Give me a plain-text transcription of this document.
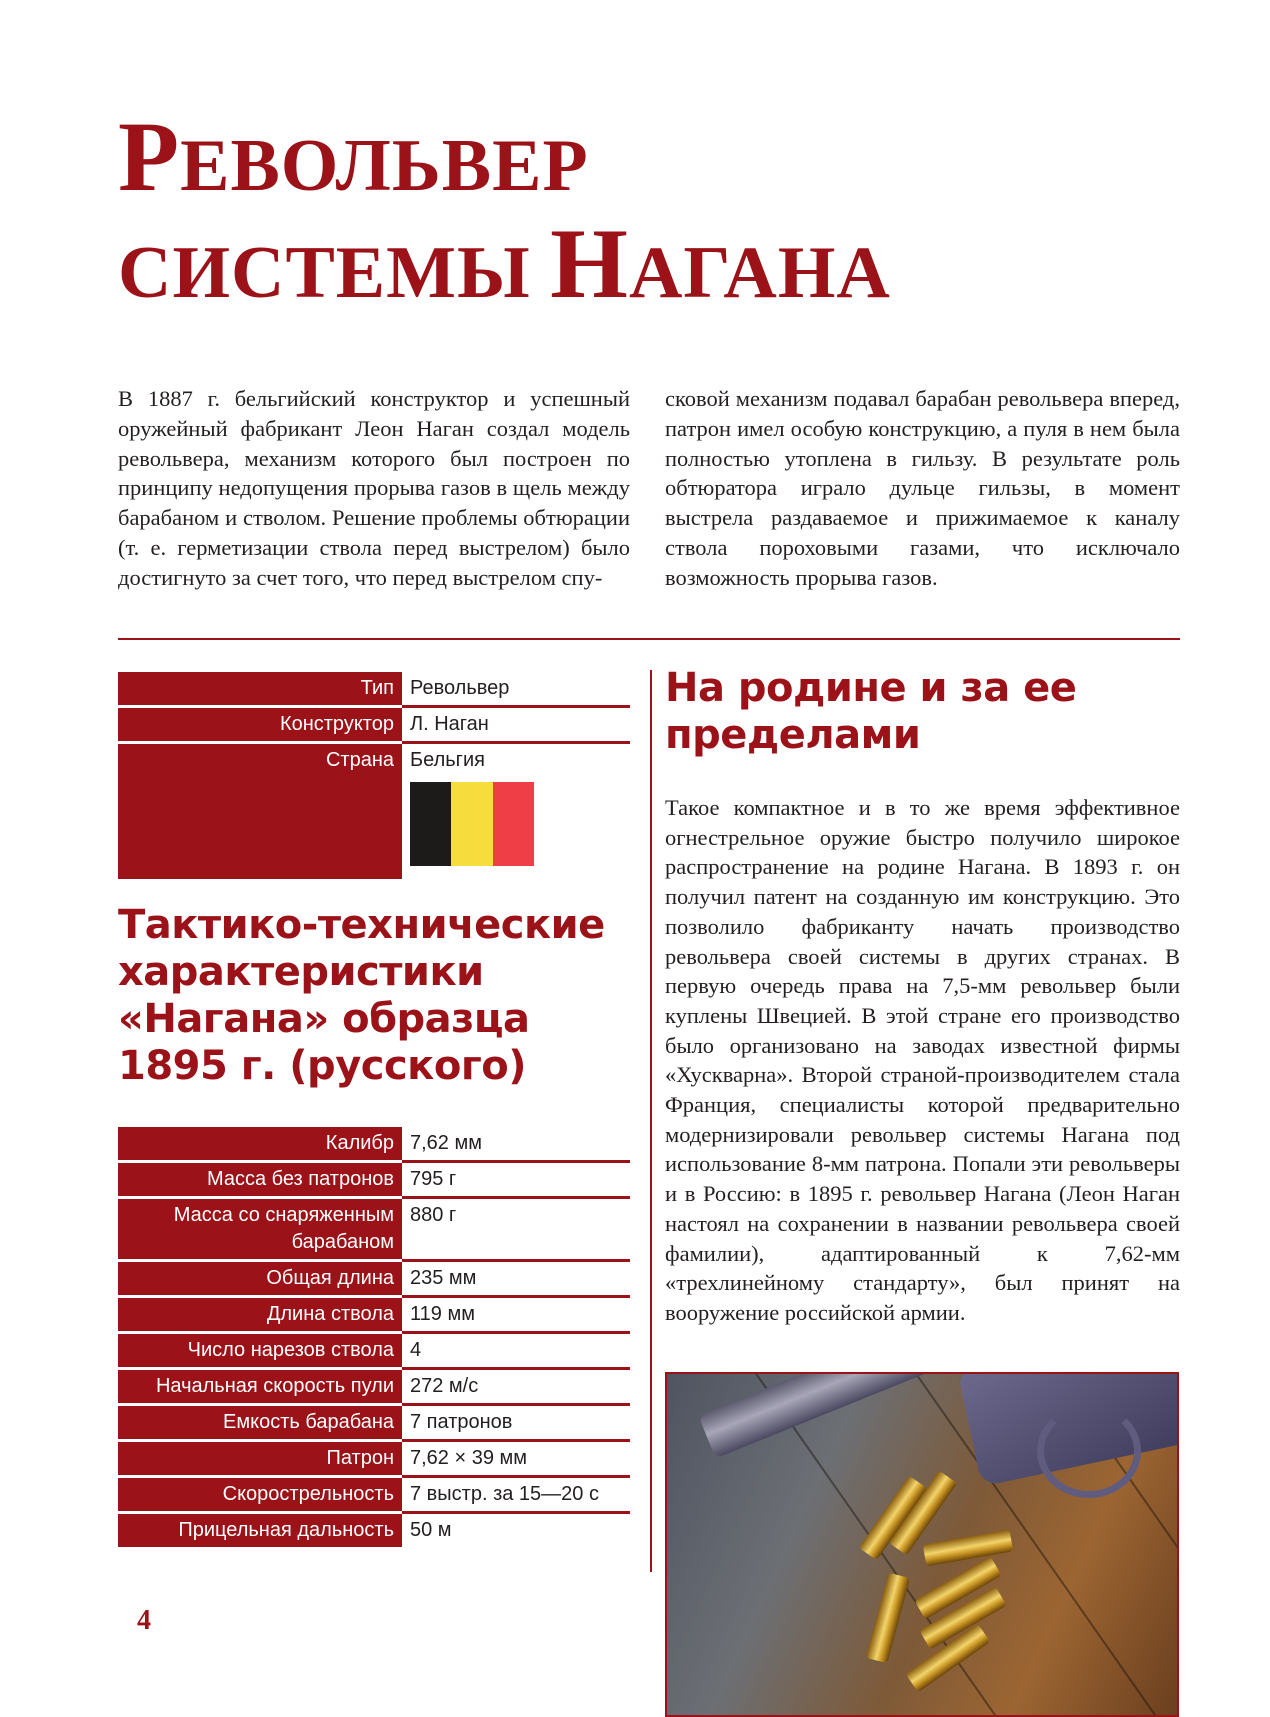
РЕВОЛЬВЕР
СИСТЕМЫ НАГАНА

В 1887 г. бельгийский конструктор и успешный оружейный фабрикант Леон Наган создал модель револьвера, механизм которого был построен по принципу недопущения прорыва газов в щель между барабаном и стволом. Решение проблемы обтюрации (т. е. герметизации ствола перед выстрелом) было достигнуто за счет того, что перед выстрелом спу-

сковой механизм подавал барабан револьвера вперед, патрон имел особую конструкцию, а пуля в нем была полностью утоплена в гильзу. В результате роль обтюратора играло дульце гильзы, в момент выстрела раздаваемое и прижимаемое к каналу ствола пороховыми газами, что исключало возможность прорыва газов.

Тип	Револьвер
Конструктор	Л. Наган
Страна	Бельгия
Тактико-технические характеристики «Нагана» образца 1895 г. (русского)
Калибр	7,62 мм
Масса без патронов	795 г
Масса со снаряженным барабаном	880 г
Общая длина	235 мм
Длина ствола	119 мм
Число нарезов ствола	4
Начальная скорость пули	272 м/с
Емкость барабана	7 патронов
Патрон	7,62 × 39 мм
Скорострельность	7 выстр. за 15—20 с
Прицельная дальность	50 м
На родине и за ее пределами

Такое компактное и в то же время эффективное огнестрельное оружие быстро получило широкое распространение на родине Нагана. В 1893 г. он получил патент на созданную им конструкцию. Это позволило фабриканту начать производство револьвера своей системы в других странах. В первую очередь права на 7,5-мм револьвер были куплены Швецией. В этой стране его производство было организовано на заводах известной фирмы «Хускварна». Второй страной-производителем стала Франция, специалисты которой предварительно модернизировали револьвер системы Нагана под использование 8-мм патрона. Попали эти револьверы и в Россию: в 1895 г. револьвер Нагана (Леон Наган настоял на сохранении в названии револьвера своей фамилии), адаптированный к 7,62-мм «трехлинейному стандарту», был принят на вооружение российской армии.

4
